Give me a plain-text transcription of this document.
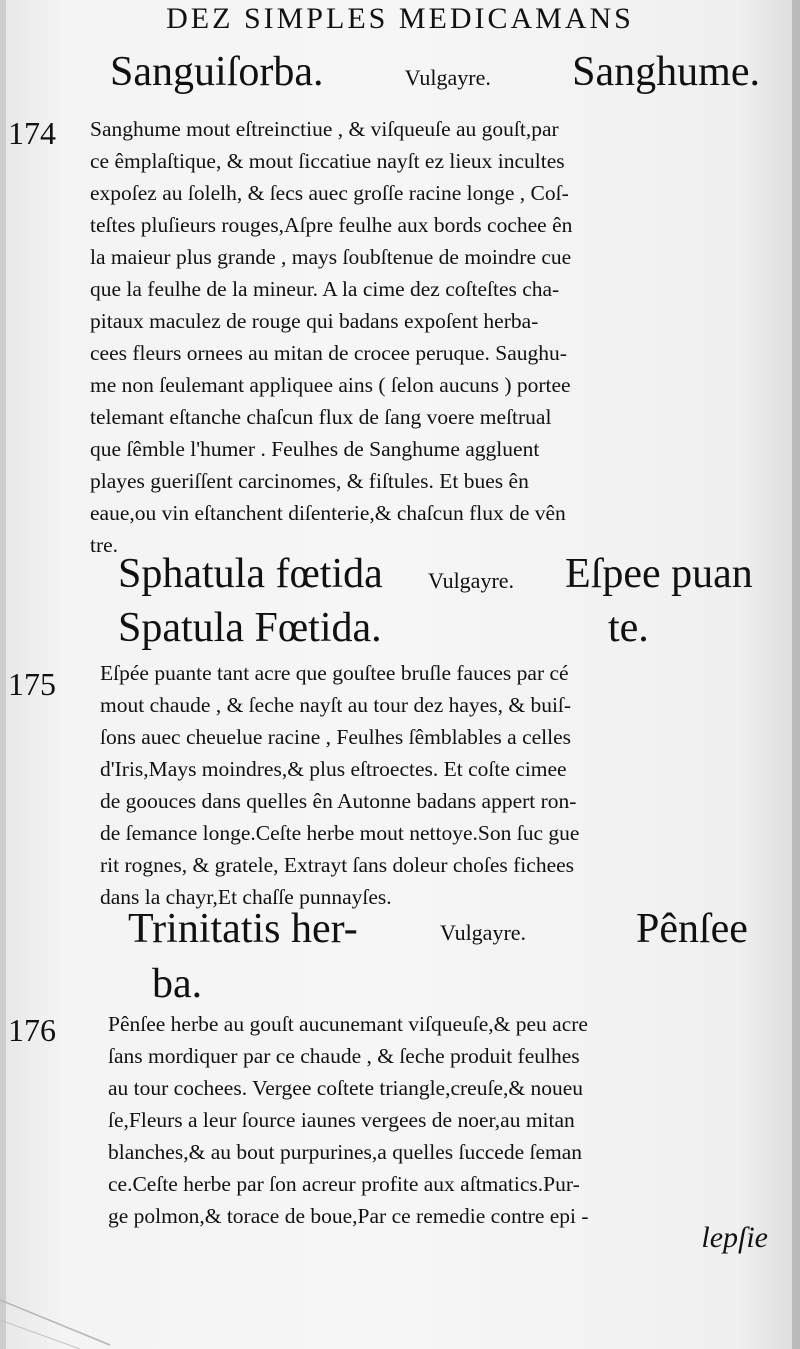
DEZ SIMPLES MEDICAMANS
Sanguiſorba.	Vulgayre. Sanghume.
174 Sanghume mout eſtreinctiue , & viſqueuſe au gouſt,par
ce êmplaſtique, & mout ſiccatiue nayſt ez lieux incultes
expoſez au ſolelh, & ſecs auec groſſe racine longe , Coſ-
teſtes pluſieurs rouges,Aſpre feulhe aux bords cochee ên
la maieur plus grande , mays ſoubſtenue de moindre cue
que la feulhe de la mineur. A la cime dez coſteſtes cha-
pitaux maculez de rouge qui badans expoſent herba-
cees fleurs ornees au mitan de crocee peruque. Saughu-
me non ſeulemant appliquee ains ( ſelon aucuns ) portee
telemant eſtanche chaſcun flux de ſang voere meſtrual
que ſêmble l'humer . Feulhes de Sanghume aggluent
playes gueriſſent carcinomes, & fiſtules. Et bues ên
eaue,ou vin eſtanchent diſenterie,& chaſcun flux de vên
tre.
Sphatula fœtida Vulgayre. Eſpee puan
Spatula Fœtida.	te.
175 Eſpée puante tant acre que gouſtee bruſle fauces par cé
mout chaude , & ſeche nayſt au tour dez hayes, & buiſ-
ſons auec cheuelue racine , Feulhes ſêmblables a celles
d'Iris,Mays moindres,& plus eſtroectes. Et coſte cimee
de goouces dans quelles ên Autonne badans appert ron-
de ſemance longe.Ceſte herbe mout nettoye.Son ſuc gue
rit rognes, & gratele, Extrayt ſans doleur choſes fichees
dans la chayr,Et chaſſe punnayſes.
Trinitatis her-	Vulgayre.	Pênſee
ba.
176 Pênſee herbe au gouſt aucunemant viſqueuſe,& peu acre
ſans mordiquer par ce chaude , & ſeche produit feulhes
au tour cochees. Vergee coſtete triangle,creuſe,& noueu
ſe,Fleurs a leur ſource iaunes vergees de noer,au mitan
blanches,& au bout purpurines,a quelles ſuccede ſeman
ce.Ceſte herbe par ſon acreur profite aux aſtmatics.Pur-
ge polmon,& torace de boue,Par ce remedie contre epi -
lepſie
